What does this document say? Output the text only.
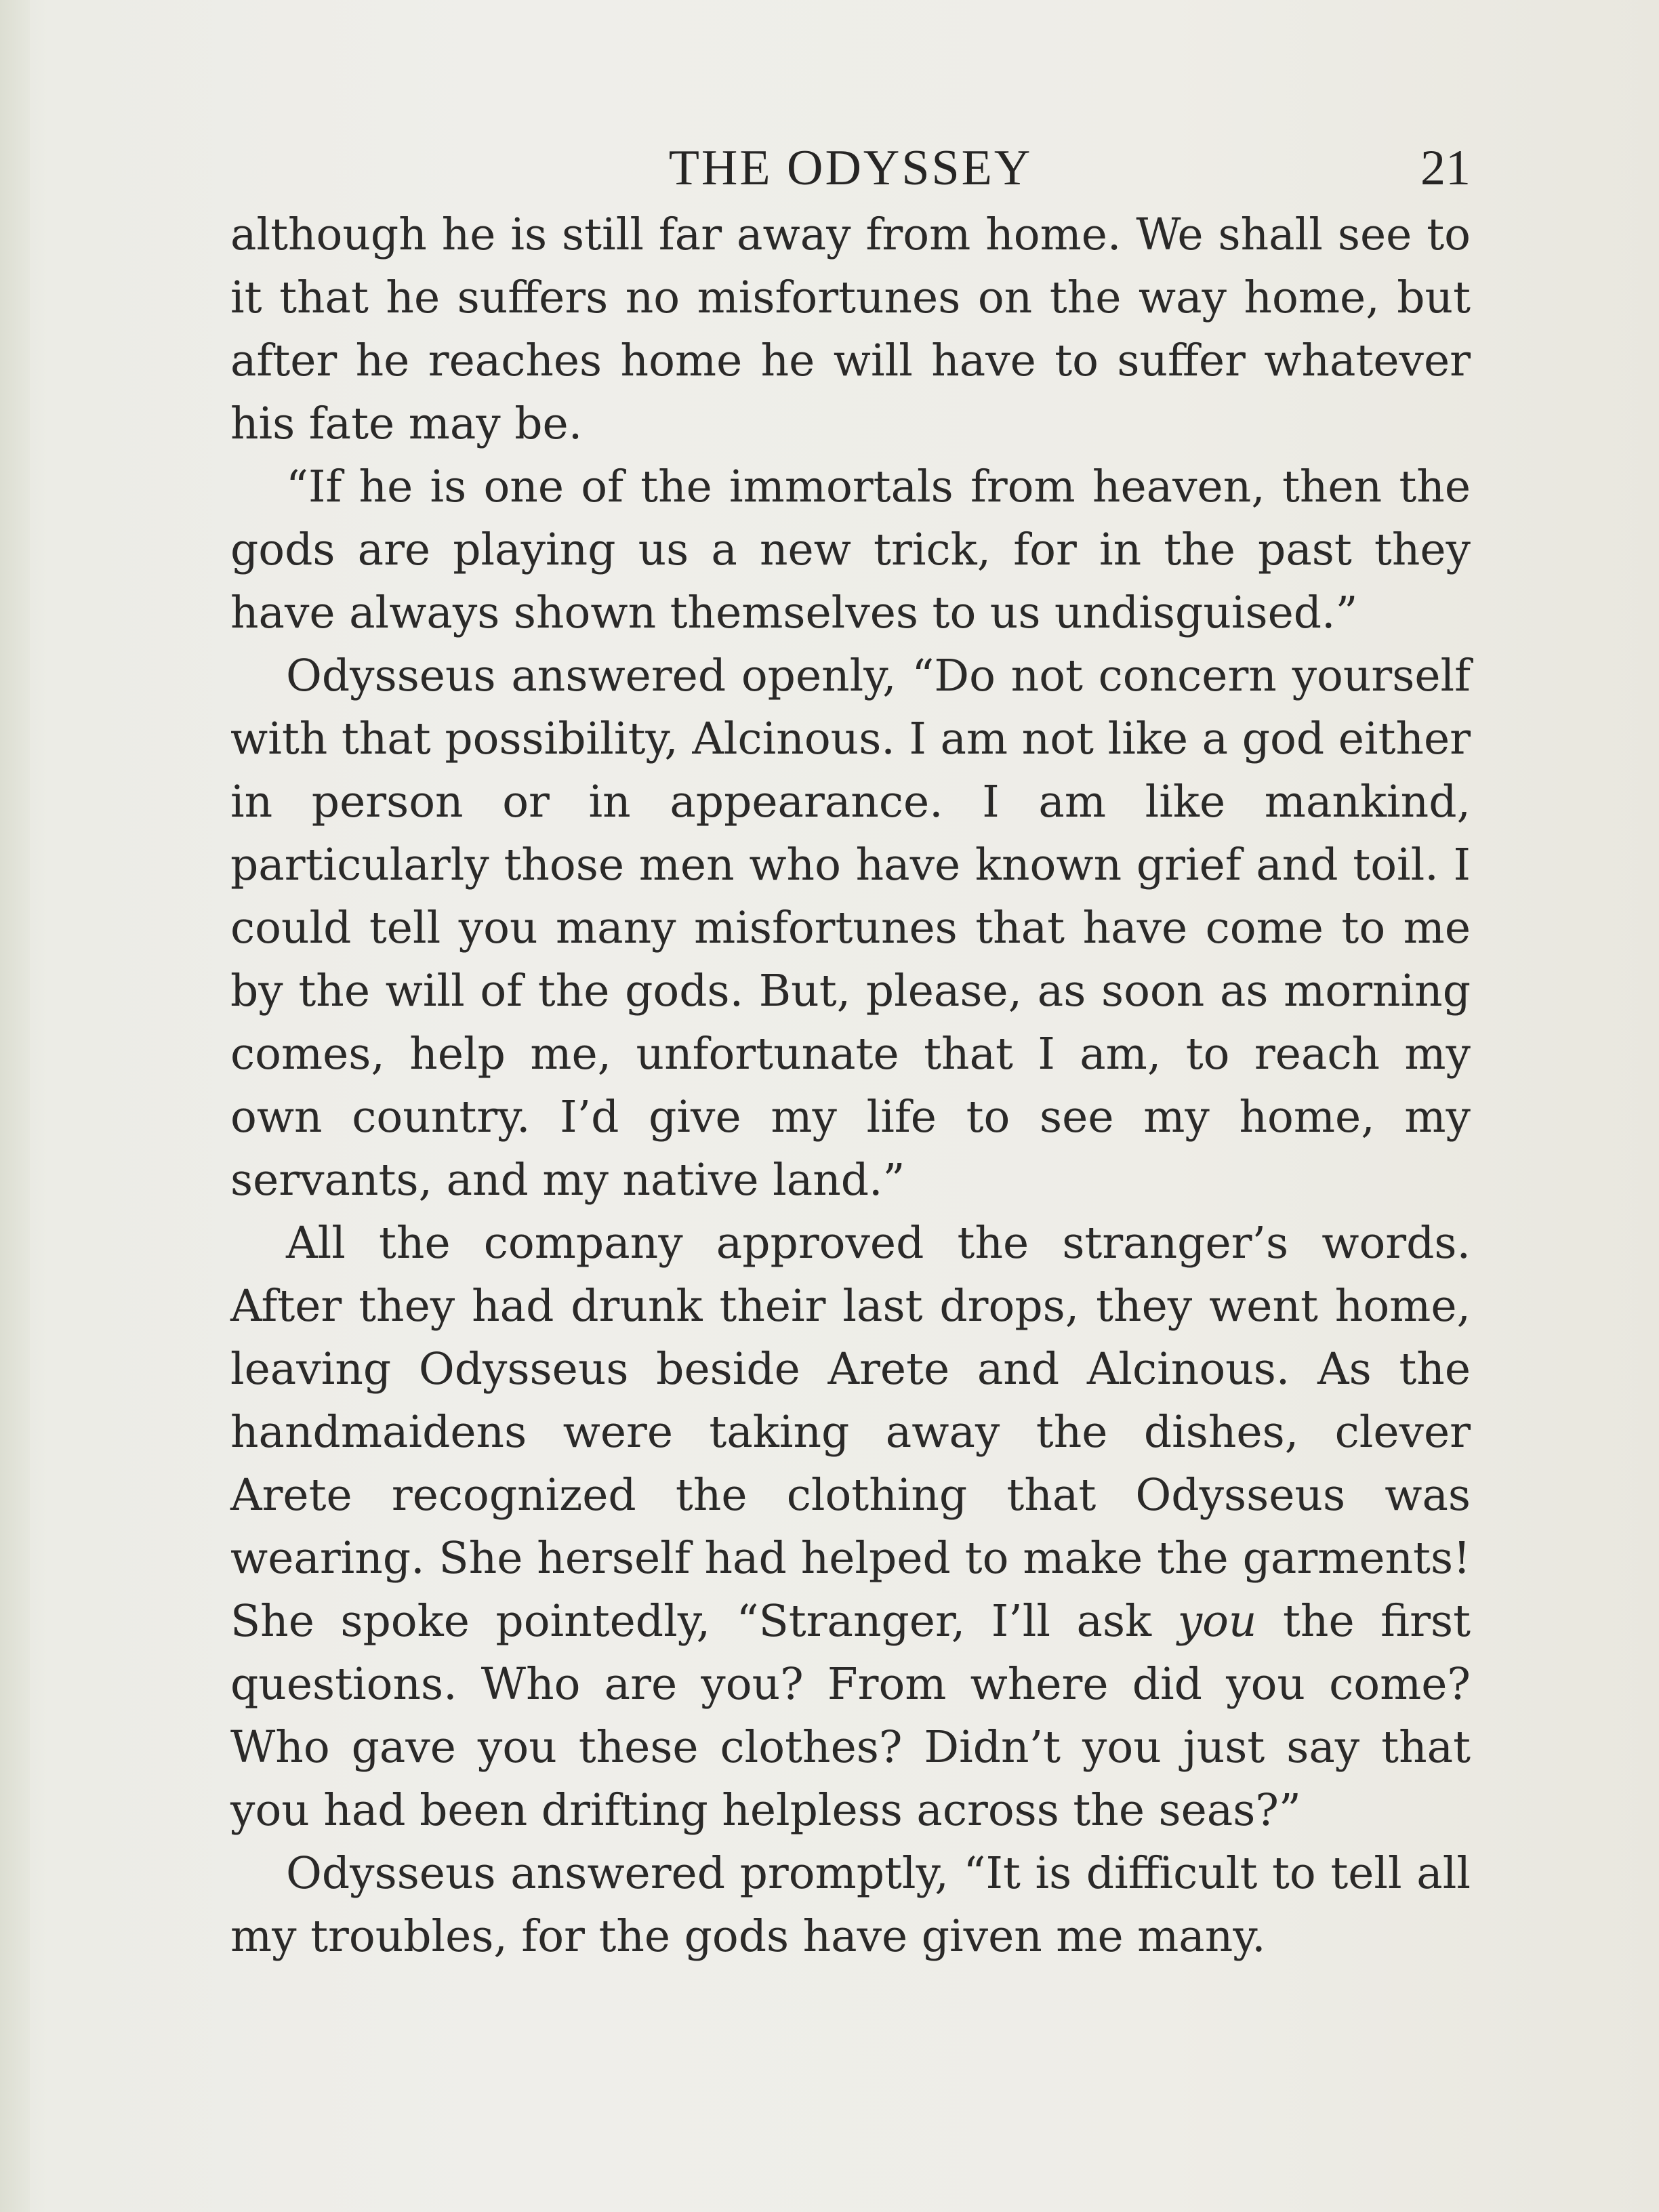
THE ODYSSEY	21

although he is still far away from home. We shall see to it that he suffers no misfortunes on the way home, but after he reaches home he will have to suffer whatever his fate may be.

“If he is one of the immortals from heaven, then the gods are playing us a new trick, for in the past they have always shown themselves to us undisguised.”

Odysseus answered openly, “Do not concern yourself with that possibility, Alcinous. I am not like a god either in person or in appearance. I am like mankind, particularly those men who have known grief and toil. I could tell you many misfortunes that have come to me by the will of the gods. But, please, as soon as morning comes, help me, unfortunate that I am, to reach my own country. I’d give my life to see my home, my servants, and my native land.”

All the company approved the stranger’s words. After they had drunk their last drops, they went home, leaving Odysseus beside Arete and Alcinous. As the handmaidens were taking away the dishes, clever Arete recognized the clothing that Odysseus was wearing. She herself had helped to make the garments! She spoke pointedly, “Stranger, I’ll ask you the first questions. Who are you? From where did you come? Who gave you these clothes? Didn’t you just say that you had been drifting helpless across the seas?”

Odysseus answered promptly, “It is difficult to tell all my troubles, for the gods have given me many.
